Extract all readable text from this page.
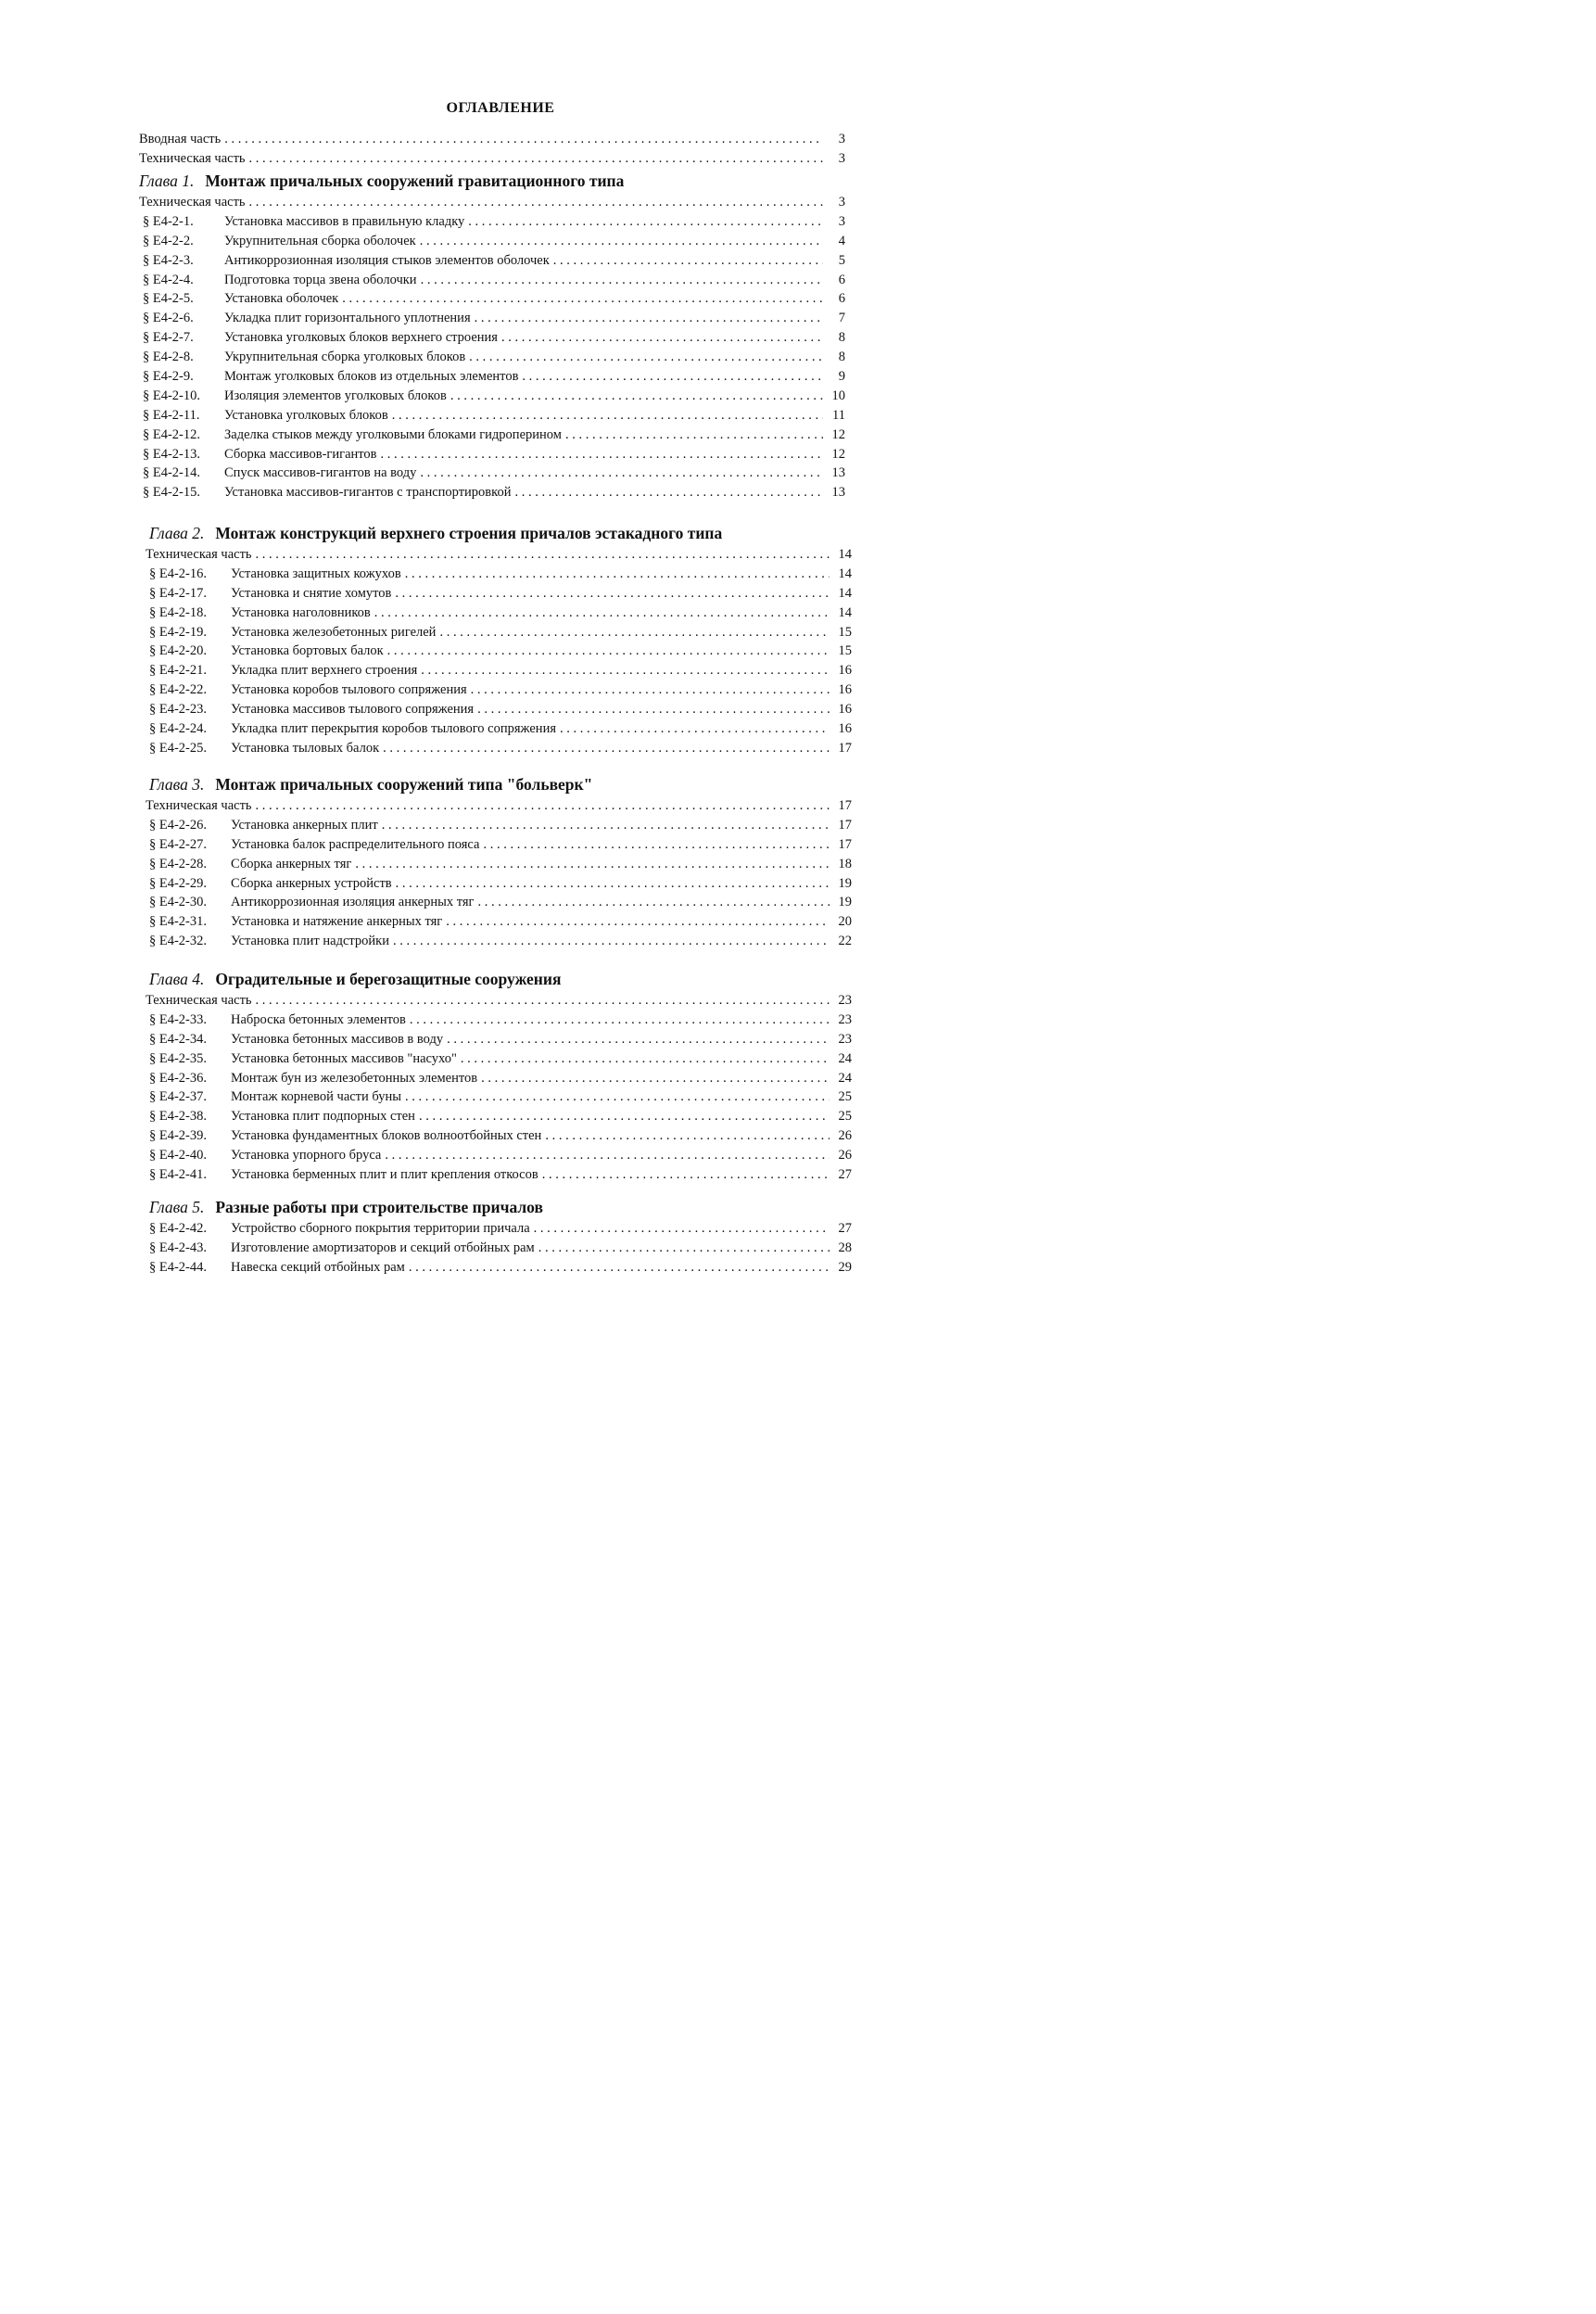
ОГЛАВЛЕНИЕ
Вводная часть . . .	3
Техническая часть . . .	3
Глава 1. Монтаж причальных сооружений гравитационного типа
Техническая часть . . .	3
§ Е4-2-1.	Установка массивов в правильную кладку . . .	3
§ Е4-2-2.	Укрупнительная сборка оболочек . . .	4
§ Е4-2-3.	Антикоррозионная изоляция стыков элементов оболочек . . .	5
§ Е4-2-4.	Подготовка торца звена оболочки . . .	6
§ Е4-2-5.	Установка оболочек . . .	6
§ Е4-2-6.	Укладка плит горизонтального уплотнения . . .	7
§ Е4-2-7.	Установка уголковых блоков верхнего строения . . .	8
§ Е4-2-8.	Укрупнительная сборка уголковых блоков . . .	8
§ Е4-2-9.	Монтаж уголковых блоков из отдельных элементов . . .	9
§ Е4-2-10.	Изоляция элементов уголковых блоков . . .	10
§ Е4-2-11.	Установка уголковых блоков . . .	11
§ Е4-2-12.	Заделка стыков между уголковыми блоками гидроперином . . .	12
§ Е4-2-13.	Сборка массивов-гигантов . . .	12
§ Е4-2-14.	Спуск массивов-гигантов на воду . . .	13
§ Е4-2-15.	Установка массивов-гигантов с транспортировкой . . .	13
Глава 2. Монтаж конструкций верхнего строения причалов эстакадного типа
Техническая часть . . .	14
§ Е4-2-16.	Установка защитных кожухов . . .	14
§ Е4-2-17.	Установка и снятие хомутов . . .	14
§ Е4-2-18.	Установка наголовников . . .	14
§ Е4-2-19.	Установка железобетонных ригелей . . .	15
§ Е4-2-20.	Установка бортовых балок . . .	15
§ Е4-2-21.	Укладка плит верхнего строения . . .	16
§ Е4-2-22.	Установка коробов тылового сопряжения . . .	16
§ Е4-2-23.	Установка массивов тылового сопряжения . . .	16
§ Е4-2-24.	Укладка плит перекрытия коробов тылового сопряжения . . .	16
§ Е4-2-25.	Установка тыловых балок . . .	17
Глава 3. Монтаж причальных сооружений типа "больверк"
Техническая часть . . .	17
§ Е4-2-26.	Установка анкерных плит . . .	17
§ Е4-2-27.	Установка балок распределительного пояса . . .	17
§ Е4-2-28.	Сборка анкерных тяг . . .	18
§ Е4-2-29.	Сборка анкерных устройств . . .	19
§ Е4-2-30.	Антикоррозионная изоляция анкерных тяг . . .	19
§ Е4-2-31.	Установка и натяжение анкерных тяг . . .	20
§ Е4-2-32.	Установка плит надстройки . . .	22
Глава 4. Оградительные и берегозащитные сооружения
Техническая часть . . .	23
§ Е4-2-33.	Наброска бетонных элементов . . .	23
§ Е4-2-34.	Установка бетонных массивов в воду . . .	23
§ Е4-2-35.	Установка бетонных массивов "насухо" . . .	24
§ Е4-2-36.	Монтаж бун из железобетонных элементов . . .	24
§ Е4-2-37.	Монтаж корневой части буны . . .	25
§ Е4-2-38.	Установка плит подпорных стен . . .	25
§ Е4-2-39.	Установка фундаментных блоков волноотбойных стен . . .	26
§ Е4-2-40.	Установка упорного бруса . . .	26
§ Е4-2-41.	Установка берменных плит и плит крепления откосов . . .	27
Глава 5. Разные работы при строительстве причалов
§ Е4-2-42.	Устройство сборного покрытия территории причала . . .	27
§ Е4-2-43.	Изготовление амортизаторов и секций отбойных рам . . .	28
§ Е4-2-44.	Навеска секций отбойных рам . . .	29
